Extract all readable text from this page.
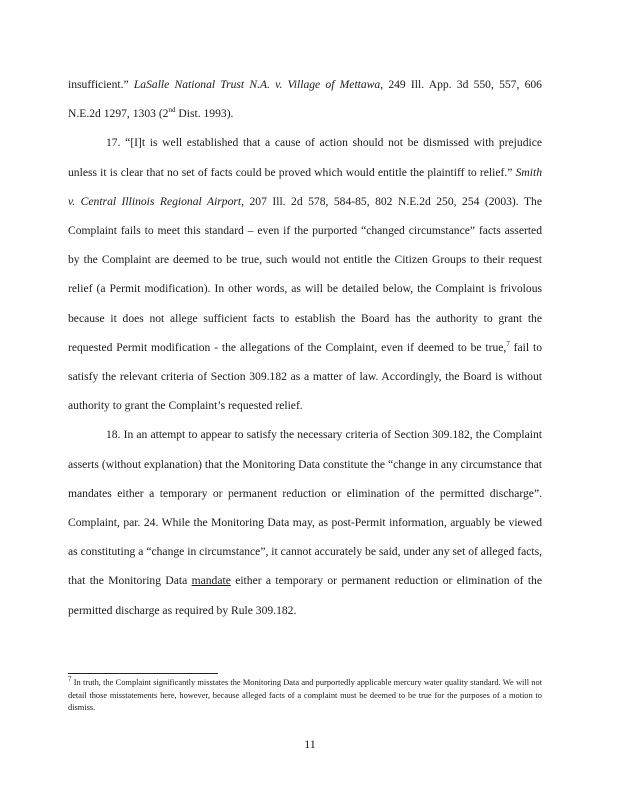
insufficient.” LaSalle National Trust N.A. v. Village of Mettawa, 249 Ill. App. 3d 550, 557, 606 N.E.2d 1297, 1303 (2nd Dist. 1993).

17. “[I]t is well established that a cause of action should not be dismissed with prejudice unless it is clear that no set of facts could be proved which would entitle the plaintiff to relief.” Smith v. Central Illinois Regional Airport, 207 Ill. 2d 578, 584-85, 802 N.E.2d 250, 254 (2003). The Complaint fails to meet this standard – even if the purported “changed circumstance” facts asserted by the Complaint are deemed to be true, such would not entitle the Citizen Groups to their request relief (a Permit modification). In other words, as will be detailed below, the Complaint is frivolous because it does not allege sufficient facts to establish the Board has the authority to grant the requested Permit modification - the allegations of the Complaint, even if deemed to be true,$^7$ fail to satisfy the relevant criteria of Section 309.182 as a matter of law. Accordingly, the Board is without authority to grant the Complaint’s requested relief.

18. In an attempt to appear to satisfy the necessary criteria of Section 309.182, the Complaint asserts (without explanation) that the Monitoring Data constitute the “change in any circumstance that mandates either a temporary or permanent reduction or elimination of the permitted discharge”. Complaint, par. 24. While the Monitoring Data may, as post-Permit information, arguably be viewed as constituting a “change in circumstance”, it cannot accurately be said, under any set of alleged facts, that the Monitoring Data mandate either a temporary or permanent reduction or elimination of the permitted discharge as required by Rule 309.182.

$^7$ In truth, the Complaint significantly misstates the Monitoring Data and purportedly applicable mercury water quality standard. We will not detail those misstatements here, however, because alleged facts of a complaint must be deemed to be true for the purposes of a motion to dismiss.

11
